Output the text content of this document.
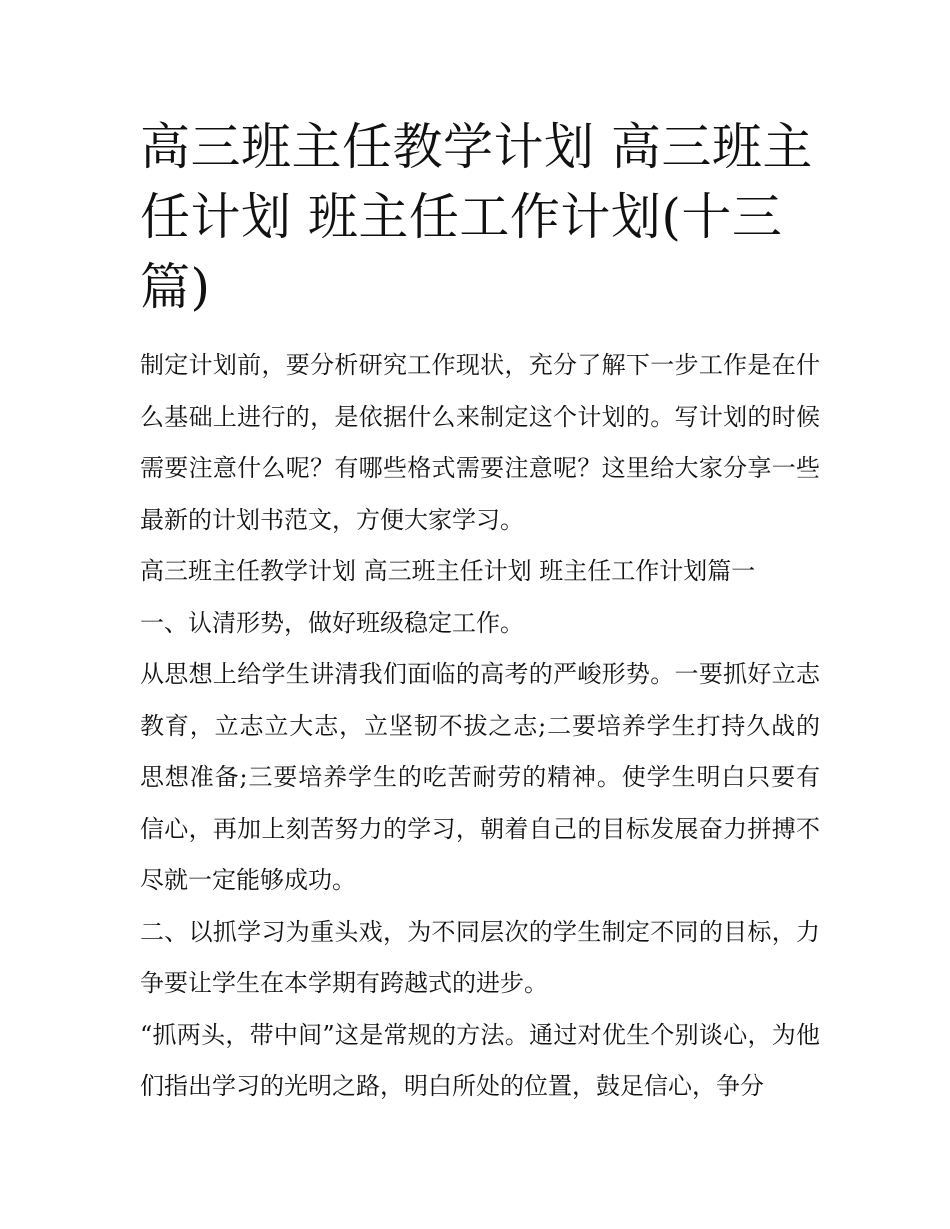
高三班主任教学计划 高三班主任计划 班主任工作计划(十三篇)

制定计划前，要分析研究工作现状，充分了解下一步工作是在什么基础上进行的，是依据什么来制定这个计划的。写计划的时候需要注意什么呢？有哪些格式需要注意呢？这里给大家分享一些最新的计划书范文，方便大家学习。

高三班主任教学计划 高三班主任计划 班主任工作计划篇一

一、认清形势，做好班级稳定工作。

从思想上给学生讲清我们面临的高考的严峻形势。一要抓好立志教育，立志立大志，立坚韧不拔之志;二要培养学生打持久战的思想准备;三要培养学生的吃苦耐劳的精神。使学生明白只要有信心，再加上刻苦努力的学习，朝着自己的目标发展奋力拼搏不尽就一定能够成功。

二、以抓学习为重头戏，为不同层次的学生制定不同的目标，力争要让学生在本学期有跨越式的进步。

“抓两头，带中间”这是常规的方法。通过对优生个别谈心，为他们指出学习的光明之路，明白所处的位置，鼓足信心，争分
